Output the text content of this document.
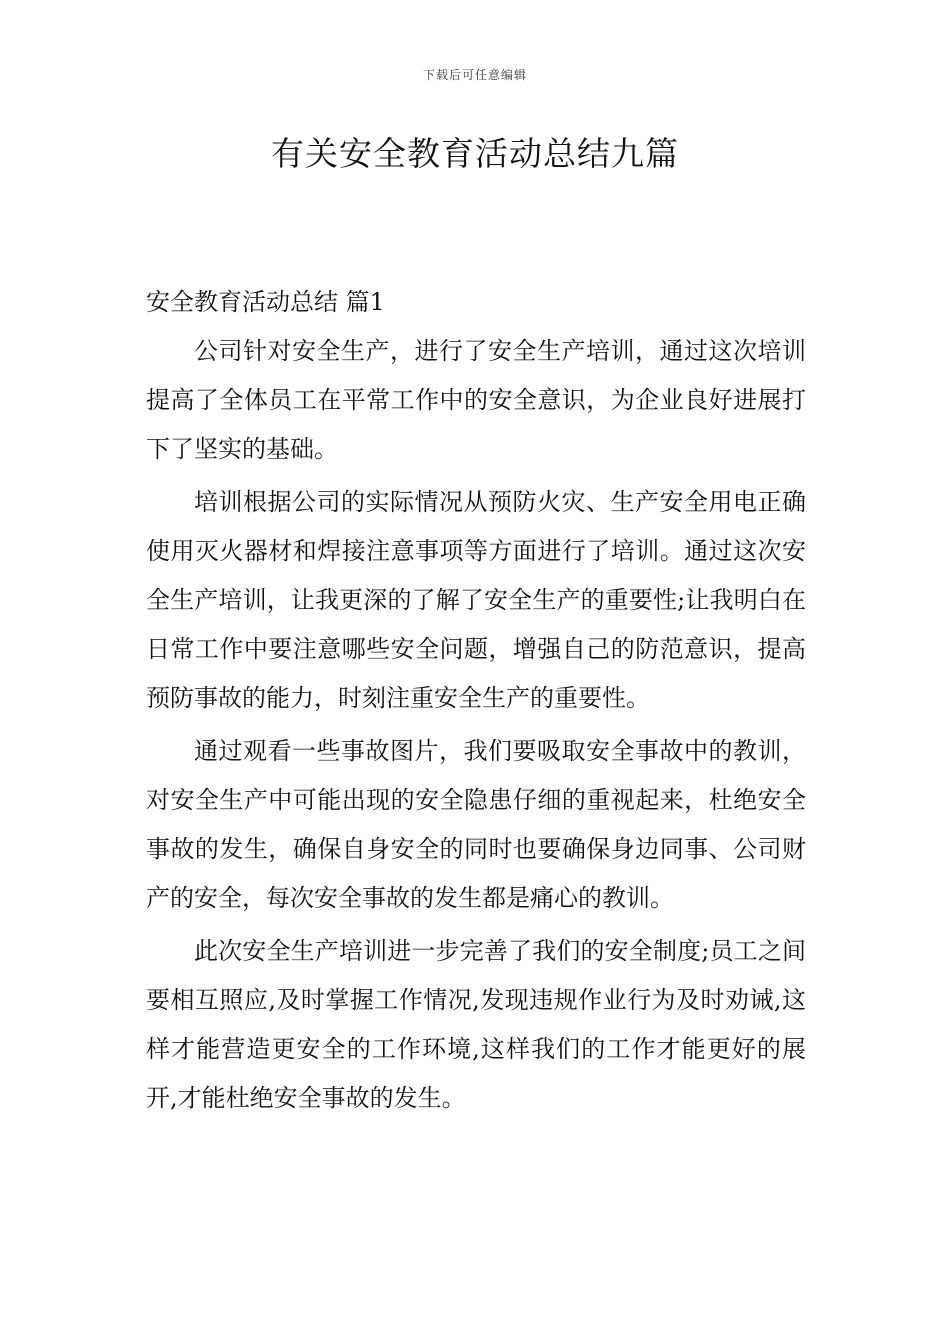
下载后可任意编辑
有关安全教育活动总结九篇
安全教育活动总结 篇1

公司针对安全生产，进行了安全生产培训，通过这次培训提高了全体员工在平常工作中的安全意识，为企业良好进展打下了坚实的基础。

培训根据公司的实际情况从预防火灾、生产安全用电正确使用灭火器材和焊接注意事项等方面进行了培训。通过这次安全生产培训，让我更深的了解了安全生产的重要性;让我明白在日常工作中要注意哪些安全问题，增强自己的防范意识，提高预防事故的能力，时刻注重安全生产的重要性。

通过观看一些事故图片，我们要吸取安全事故中的教训，对安全生产中可能出现的安全隐患仔细的重视起来，杜绝安全事故的发生，确保自身安全的同时也要确保身边同事、公司财产的安全，每次安全事故的发生都是痛心的教训。

此次安全生产培训进一步完善了我们的安全制度;员工之间要相互照应,及时掌握工作情况,发现违规作业行为及时劝诫,这样才能营造更安全的工作环境,这样我们的工作才能更好的展开,才能杜绝安全事故的发生。
